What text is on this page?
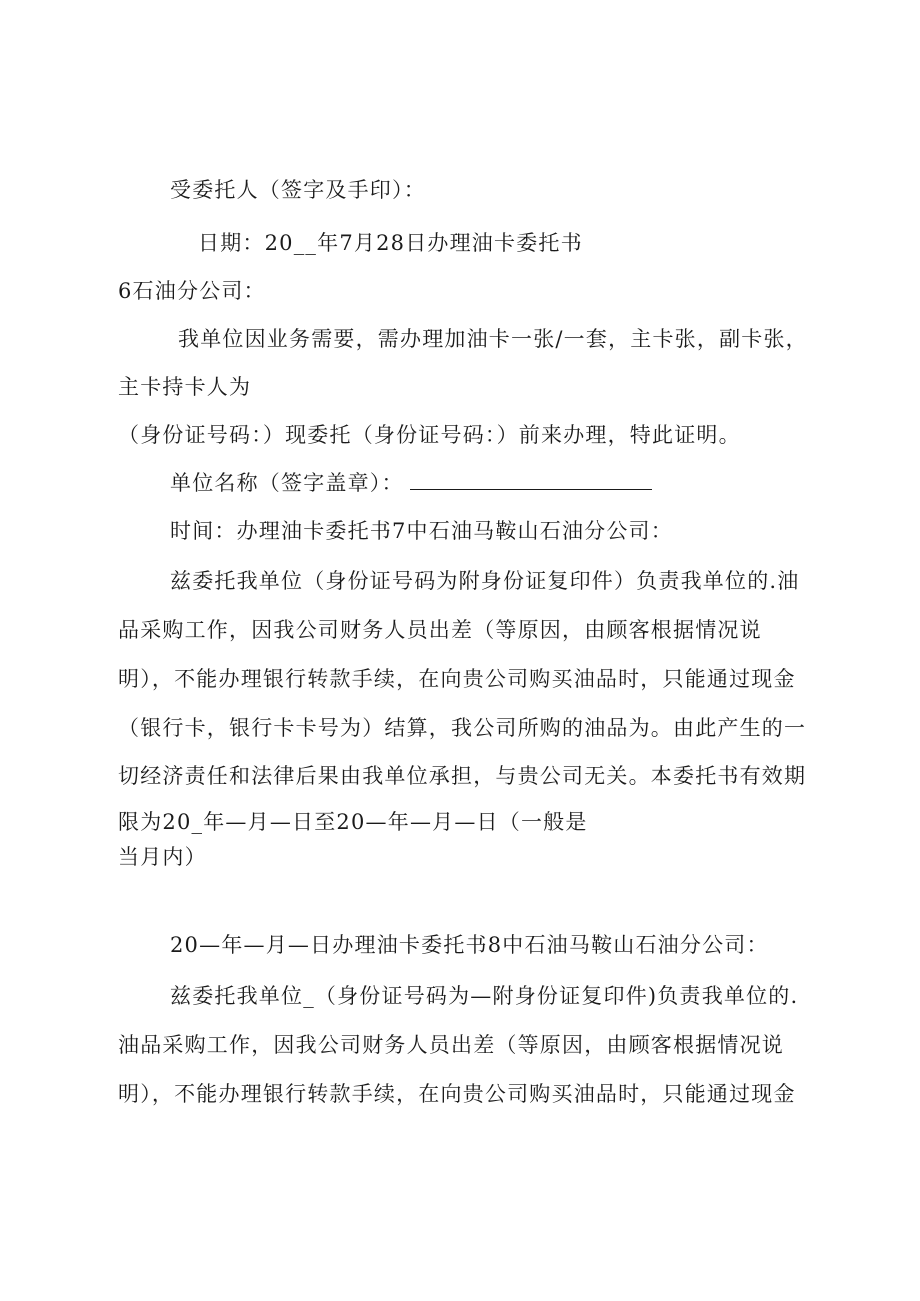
受委托人（签字及手印）：
日期：20__年7月28日办理油卡委托书
6石油分公司：
我单位因业务需要，需办理加油卡一张/一套，主卡张，副卡张，
主卡持卡人为
（身份证号码：）现委托（身份证号码：）前来办理，特此证明。
单位名称（签字盖章）：
时间：办理油卡委托书7中石油马鞍山石油分公司：
兹委托我单位（身份证号码为附身份证复印件）负责我单位的.油
品采购工作，因我公司财务人员出差（等原因，由顾客根据情况说
明），不能办理银行转款手续，在向贵公司购买油品时，只能通过现金
（银行卡，银行卡卡号为）结算，我公司所购的油品为。由此产生的一
切经济责任和法律后果由我单位承担，与贵公司无关。本委托书有效期
限为20_年—月—日至20—年—月—日（一般是
当月内）
20—年—月—日办理油卡委托书8中石油马鞍山石油分公司：
兹委托我单位_（身份证号码为—附身份证复印件)负责我单位的.
油品采购工作，因我公司财务人员出差（等原因，由顾客根据情况说
明），不能办理银行转款手续，在向贵公司购买油品时，只能通过现金
